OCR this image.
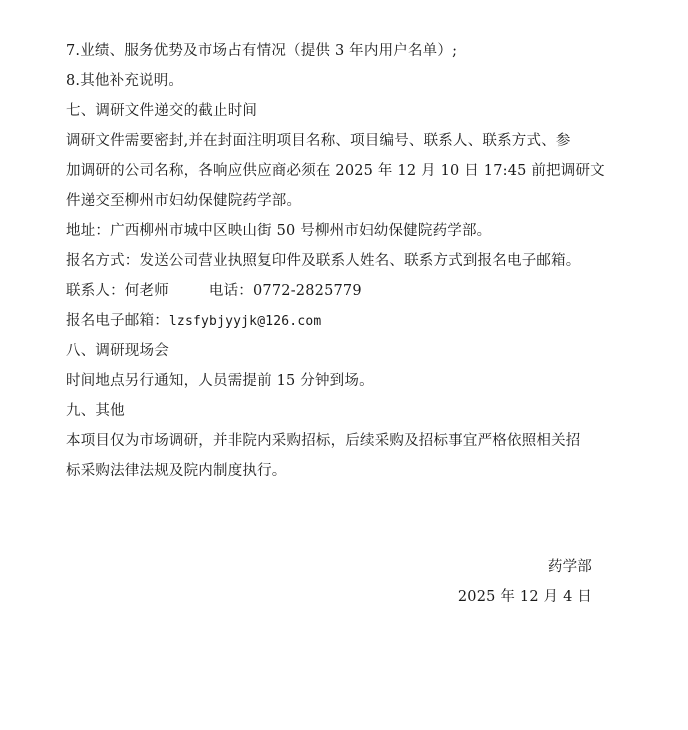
7.业绩、服务优势及市场占有情况（提供 3 年内用户名单）;
8.其他补充说明。
七、调研文件递交的截止时间
调研文件需要密封,并在封面注明项目名称、项目编号、联系人、联系方式、参
加调研的公司名称，各响应供应商必须在 2025 年 12 月 10 日 17:45 前把调研文
件递交至柳州市妇幼保健院药学部。
地址：广西柳州市城中区映山街 50 号柳州市妇幼保健院药学部。
报名方式：发送公司营业执照复印件及联系人姓名、联系方式到报名电子邮箱。
联系人：何老师	电话：0772-2825779
报名电子邮箱：lzsfybjyyjk@126.com
八、调研现场会
时间地点另行通知，人员需提前 15 分钟到场。
九、其他
本项目仅为市场调研，并非院内采购招标，后续采购及招标事宜严格依照相关招
标采购法律法规及院内制度执行。
药学部
2025 年 12 月 4 日
